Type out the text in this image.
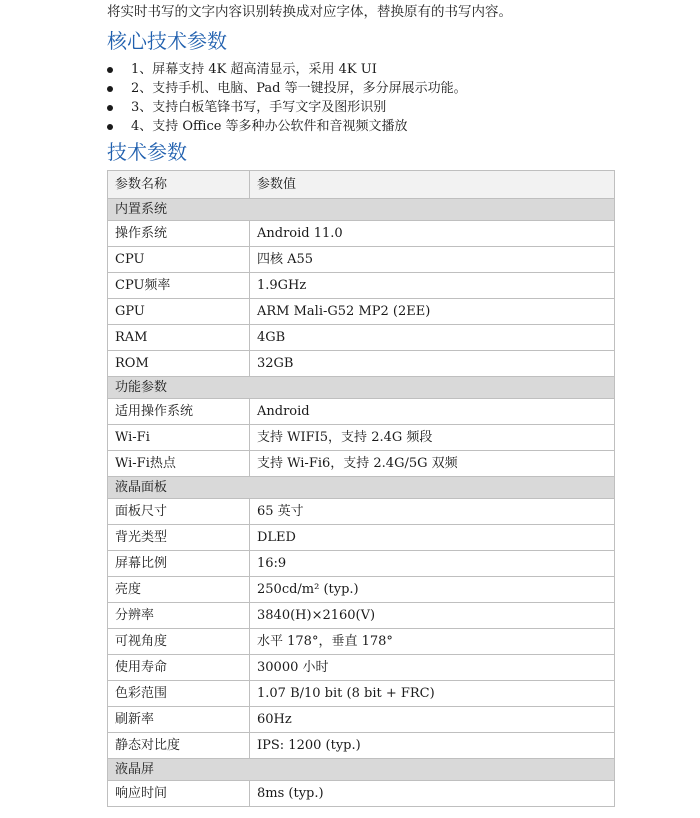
将实时书写的文字内容识别转换成对应字体，替换原有的书写内容。
核心技术参数
1、屏幕支持 4K 超高清显示，采用 4K UI
2、支持手机、电脑、Pad 等一键投屏，多分屏展示功能。
3、支持白板笔锋书写，手写文字及图形识别
4、支持 Office 等多种办公软件和音视频文播放
技术参数
参数名称	参数值
内置系统	
操作系统	Android 11.0
CPU	四核 A55
CPU频率	1.9GHz
GPU	ARM Mali-G52 MP2 (2EE)
RAM	4GB
ROM	32GB
功能参数	
适用操作系统	Android
Wi-Fi	支持 WIFI5，支持 2.4G 频段
Wi-Fi热点	支持 Wi-Fi6，支持 2.4G/5G 双频
液晶面板	
面板尺寸	65 英寸
背光类型	DLED
屏幕比例	16:9
亮度	250cd/m² (typ.)
分辨率	3840(H)×2160(V)
可视角度	水平 178°，垂直 178°
使用寿命	30000 小时
色彩范围	1.07 B/10 bit (8 bit + FRC)
刷新率	60Hz
静态对比度	IPS: 1200 (typ.)
液晶屏	
响应时间	8ms (typ.)
